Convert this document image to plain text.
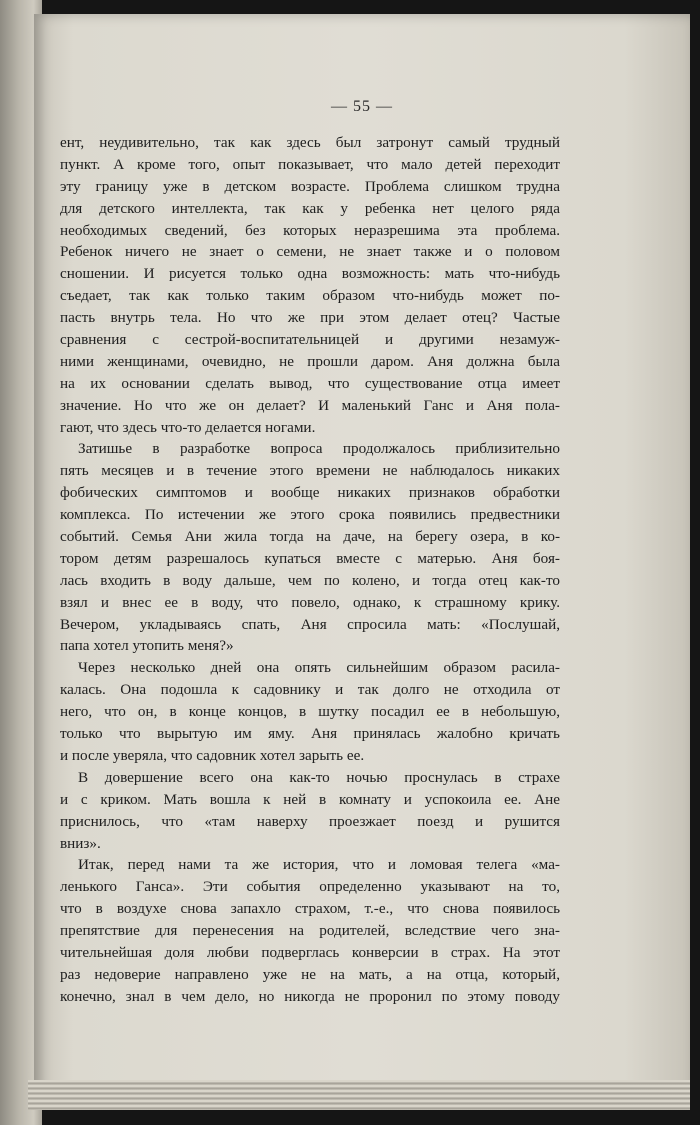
— 55 —
ент, неудивительно, так как здесь был затронут самый трудный
пункт. А кроме того, опыт показывает, что мало детей переходит
эту границу уже в детском возрасте. Проблема слишком трудна
для детского интеллекта, так как у ребенка нет целого ряда
необходимых сведений, без которых неразрешима эта проблема.
Ребенок ничего не знает о семени, не знает также и о половом
сношении. И рисуется только одна возможность: мать что-нибудь
съедает, так как только таким образом что-нибудь может по-
пасть внутрь тела. Но что же при этом делает отец? Частые
сравнения с сестрой-воспитательницей и другими незамуж-
ними женщинами, очевидно, не прошли даром. Аня должна была
на их основании сделать вывод, что существование отца имеет
значение. Но что же он делает? И маленький Ганс и Аня пола-
гают, что здесь что-то делается ногами.
Затишье в разработке вопроса продолжалось приблизительно
пять месяцев и в течение этого времени не наблюдалось никаких
фобических симптомов и вообще никаких признаков обработки
комплекса. По истечении же этого срока появились предвестники
событий. Семья Ани жила тогда на даче, на берегу озера, в ко-
тором детям разрешалось купаться вместе с матерью. Аня боя-
лась входить в воду дальше, чем по колено, и тогда отец как-то
взял и внес ее в воду, что повело, однако, к страшному крику.
Вечером, укладываясь спать, Аня спросила мать: «Послушай,
папа хотел утопить меня?»
Через несколько дней она опять сильнейшим образом расила-
калась. Она подошла к садовнику и так долго не отходила от
него, что он, в конце концов, в шутку посадил ее в небольшую,
только что вырытую им яму. Аня принялась жалобно кричать
и после уверяла, что садовник хотел зарыть ее.
В довершение всего она как-то ночью проснулась в страхе
и с криком. Мать вошла к ней в комнату и успокоила ее. Ане
приснилось, что «там наверху проезжает поезд и рушится
вниз».
Итак, перед нами та же история, что и ломовая телега «ма-
ленького Ганса». Эти события определенно указывают на то,
что в воздухе снова запахло страхом, т.-е., что снова появилось
препятствие для перенесения на родителей, вследствие чего зна-
чительнейшая доля любви подверглась конверсии в страх. На этот
раз недоверие направлено уже не на мать, а на отца, который,
конечно, знал в чем дело, но никогда не проронил по этому поводу
